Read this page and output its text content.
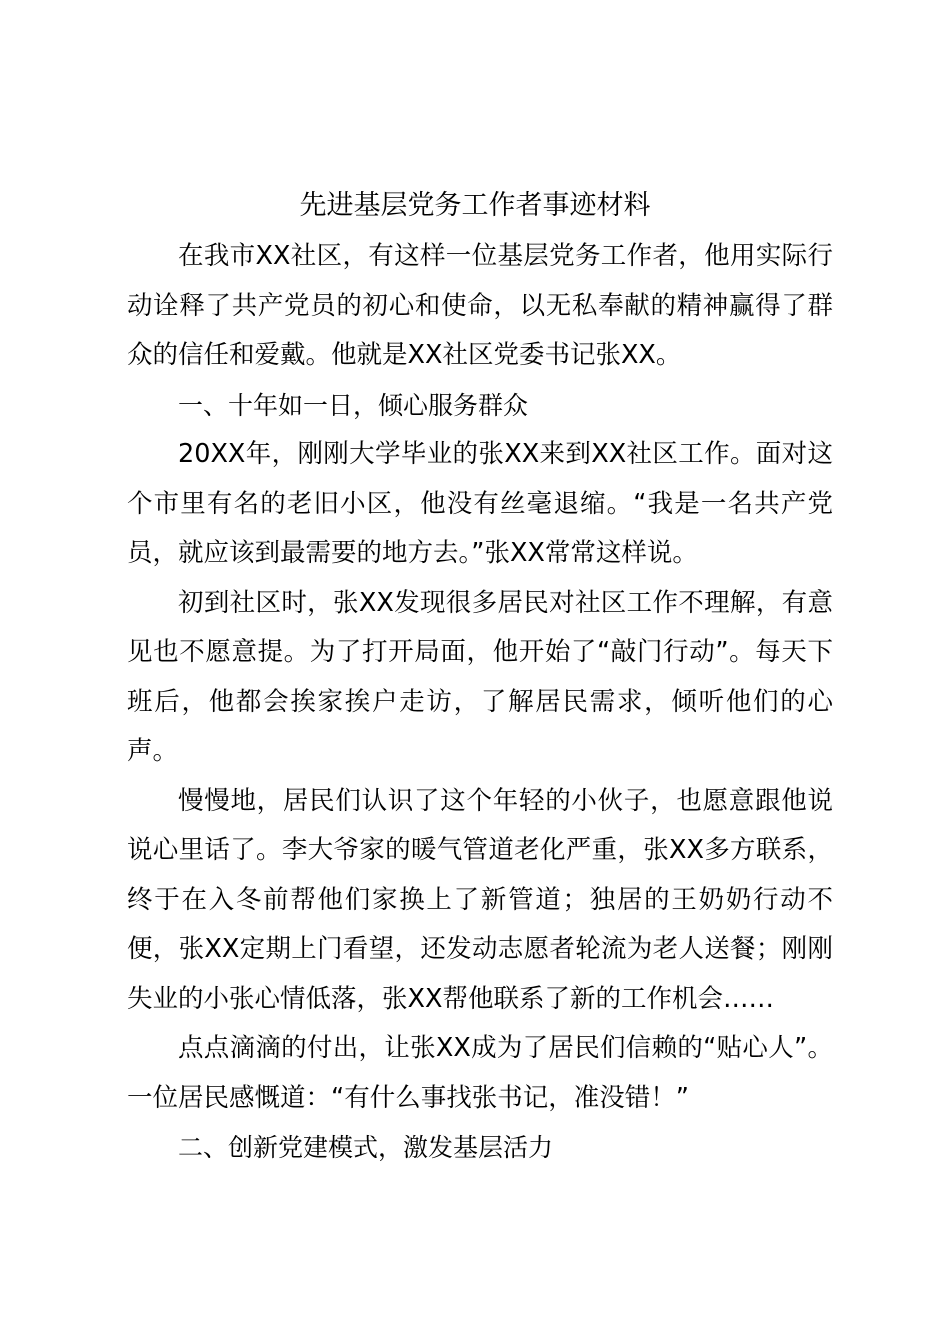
先进基层党务工作者事迹材料

在我市XX社区，有这样一位基层党务工作者，他用实际行动诠释了共产党员的初心和使命，以无私奉献的精神赢得了群众的信任和爱戴。他就是XX社区党委书记张XX。

一、十年如一日，倾心服务群众

20XX年，刚刚大学毕业的张XX来到XX社区工作。面对这个市里有名的老旧小区，他没有丝毫退缩。“我是一名共产党员，就应该到最需要的地方去。”张XX常常这样说。

初到社区时，张XX发现很多居民对社区工作不理解，有意见也不愿意提。为了打开局面，他开始了“敲门行动”。每天下班后，他都会挨家挨户走访，了解居民需求，倾听他们的心声。

慢慢地，居民们认识了这个年轻的小伙子，也愿意跟他说说心里话了。李大爷家的暖气管道老化严重，张XX多方联系，终于在入冬前帮他们家换上了新管道；独居的王奶奶行动不便，张XX定期上门看望，还发动志愿者轮流为老人送餐；刚刚失业的小张心情低落，张XX帮他联系了新的工作机会……

点点滴滴的付出，让张XX成为了居民们信赖的“贴心人”。一位居民感慨道：“有什么事找张书记，准没错！”

二、创新党建模式，激发基层活力
